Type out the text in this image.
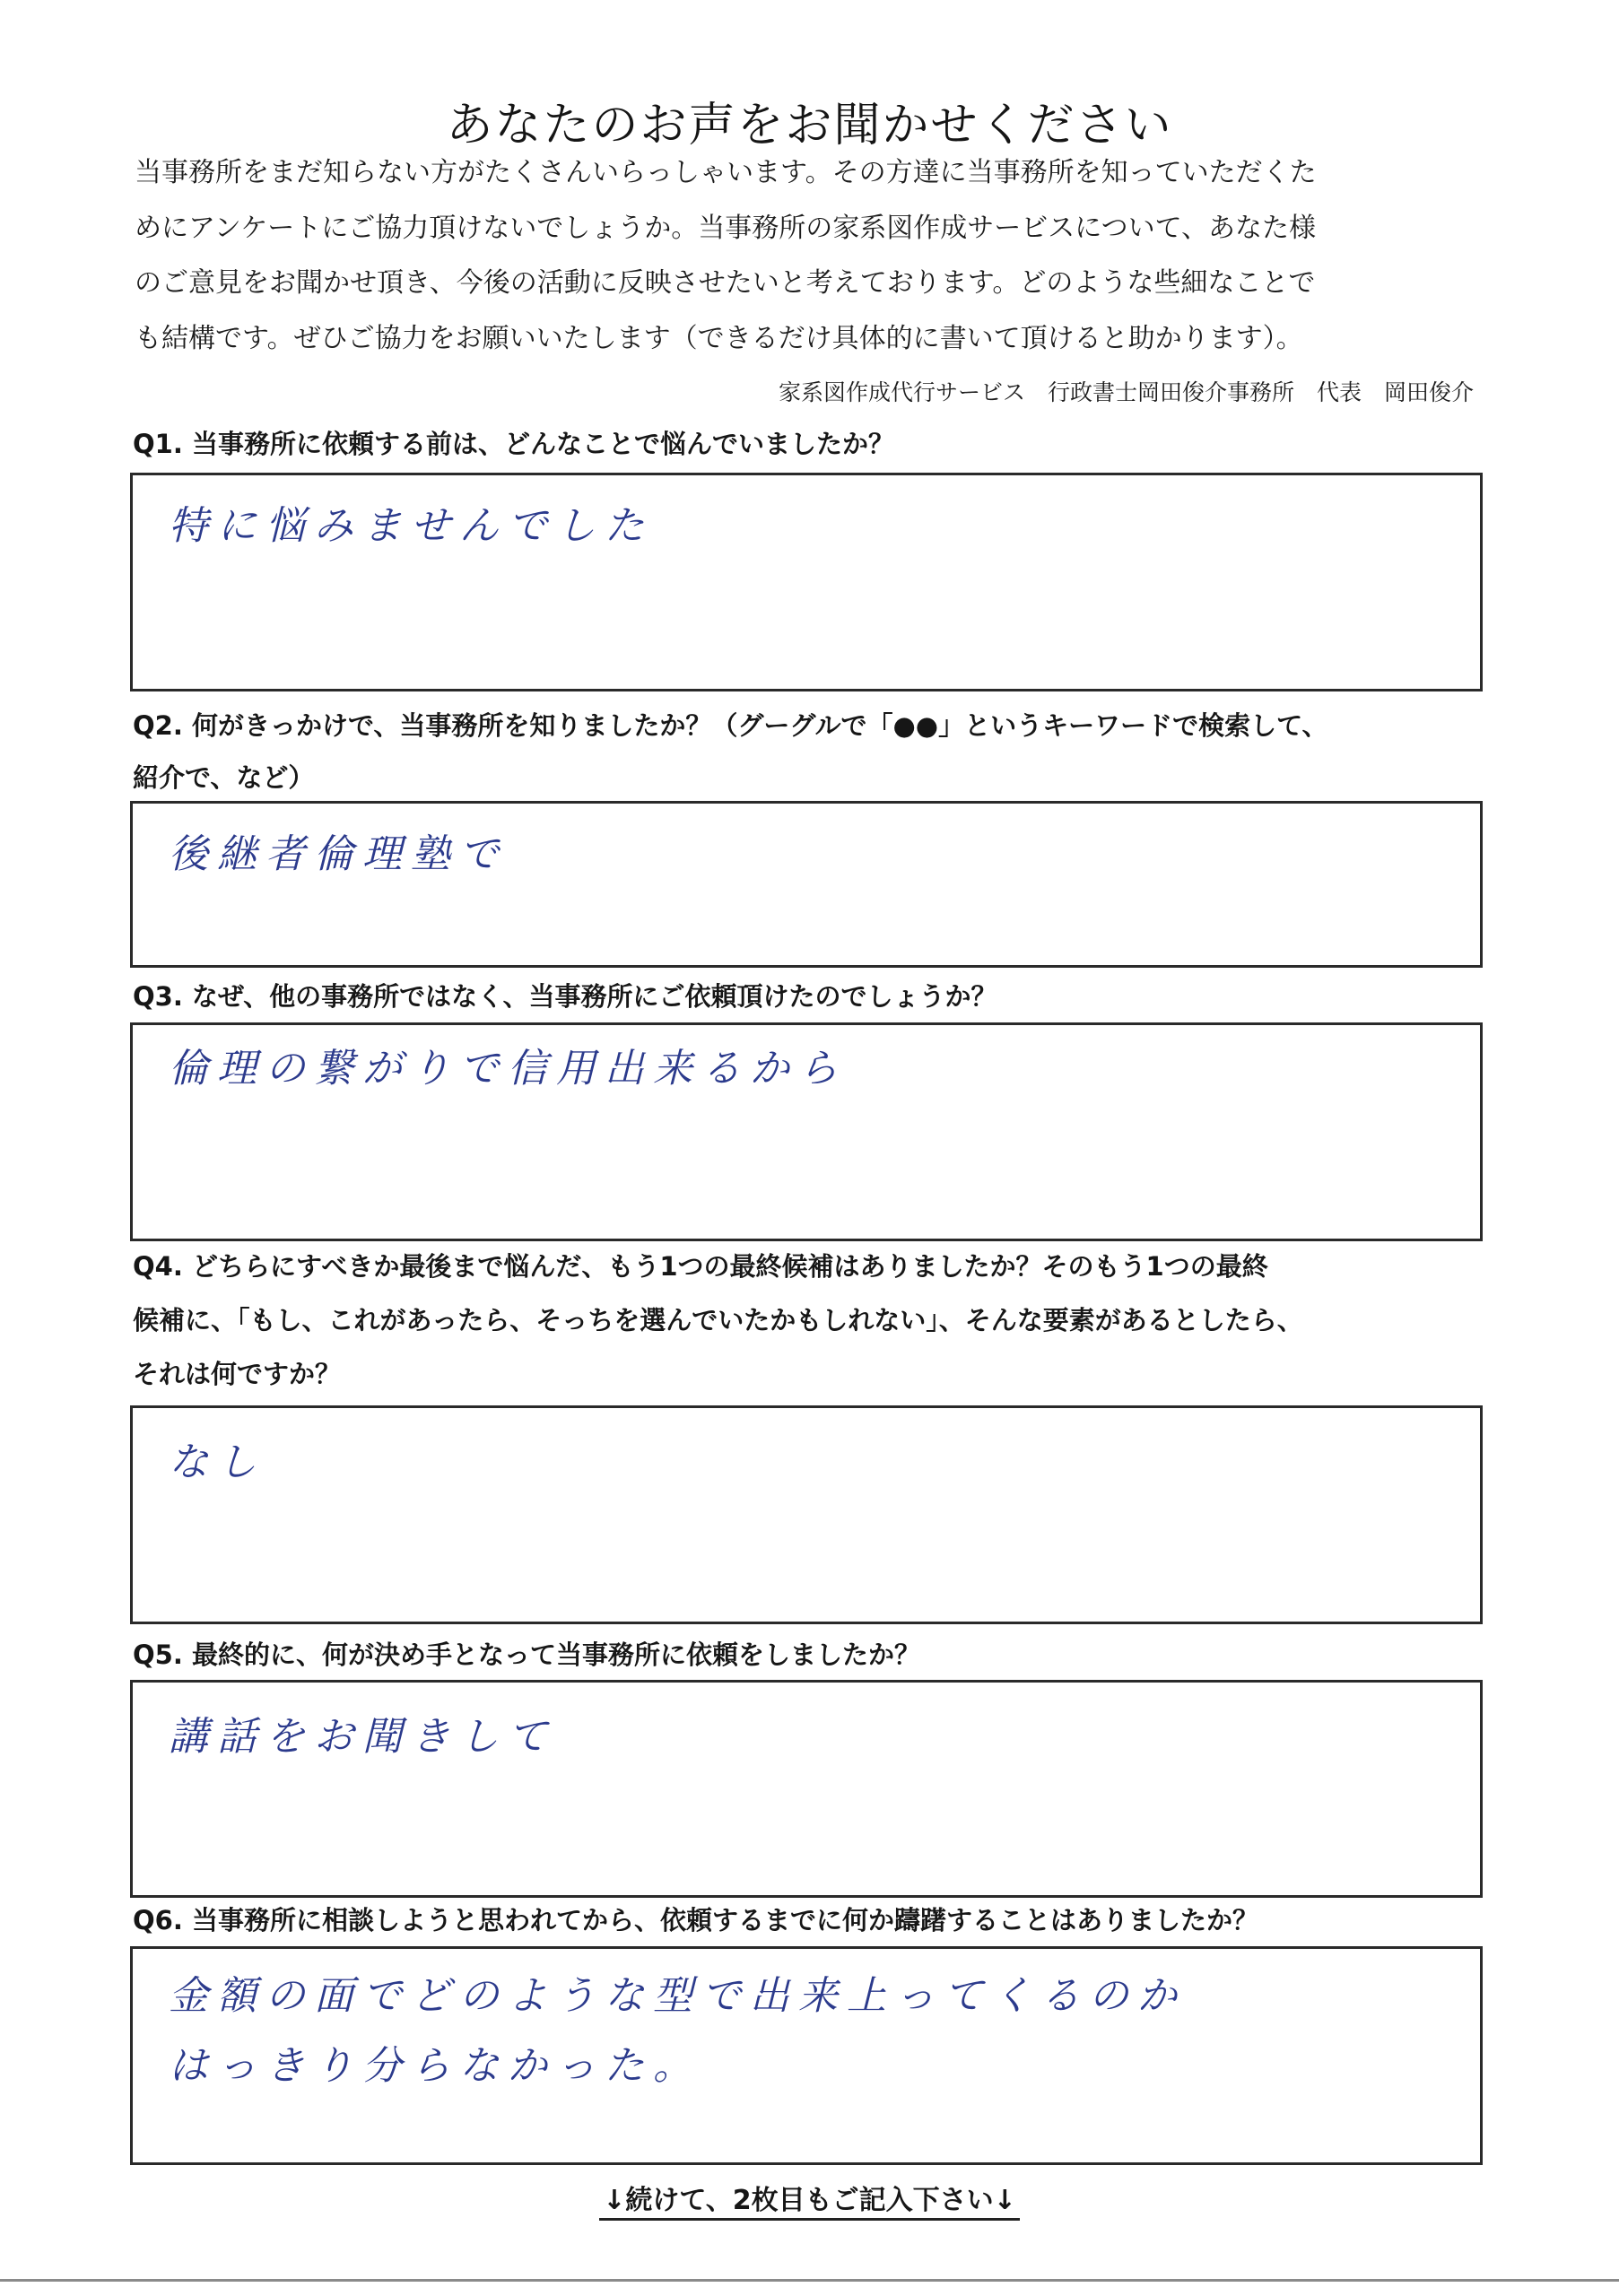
あなたのお声をお聞かせください
当事務所をまだ知らない方がたくさんいらっしゃいます。その方達に当事務所を知っていただくた
めにアンケートにご協力頂けないでしょうか。当事務所の家系図作成サービスについて、あなた様
のご意見をお聞かせ頂き、今後の活動に反映させたいと考えております。どのような些細なことで
も結構です。ぜひご協力をお願いいたします（できるだけ具体的に書いて頂けると助かります）。
家系図作成代行サービス　行政書士岡田俊介事務所　代表　岡田俊介
Q1. 当事務所に依頼する前は、どんなことで悩んでいましたか？
特に悩みませんでした
Q2. 何がきっかけで、当事務所を知りましたか？（グーグルで「●●」というキーワードで検索して、
紹介で、など）
後継者倫理塾で
Q3. なぜ、他の事務所ではなく、当事務所にご依頼頂けたのでしょうか？
倫理の繋がりで信用出来るから
Q4. どちらにすべきか最後まで悩んだ、もう1つの最終候補はありましたか？そのもう1つの最終
候補に、「もし、これがあったら、そっちを選んでいたかもしれない」、そんな要素があるとしたら、
それは何ですか？
なし
Q5. 最終的に、何が決め手となって当事務所に依頼をしましたか？
講話をお聞きして
Q6. 当事務所に相談しようと思われてから、依頼するまでに何か躊躇することはありましたか？
金額の面でどのような型で出来上ってくるのか
はっきり分らなかった。
↓続けて、2枚目もご記入下さい↓
